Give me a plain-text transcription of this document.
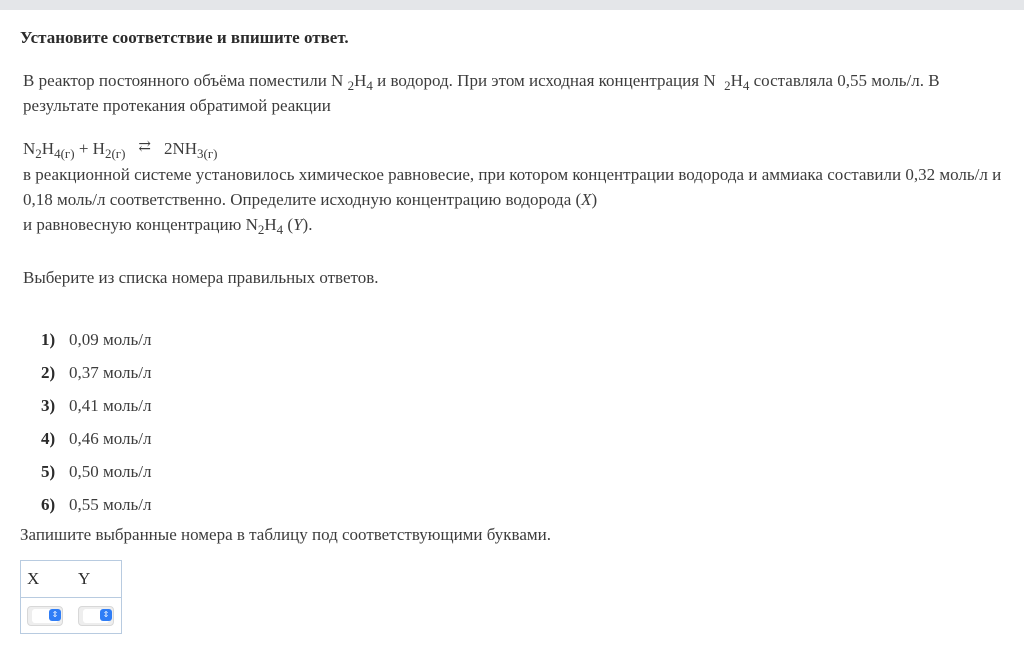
Установите соответствие и впишите ответ.
В реактор постоянного объёма поместили N $_2H_4$ и водород. При этом исходная концентрация N $_2H_4$ составляла 0,55 моль/л. В результате протекания обратимой реакции
$N_2H_{4(г)} + H_{2(г)}$ ⇄ $2NH_{3(г)}$
в реакционной системе установилось химическое равновесие, при котором концентрации водорода и аммиака составили 0,32 моль/л и 0,18 моль/л соответственно. Определите исходную концентрацию водорода (X)
и равновесную концентрацию $N_2H_4$ (Y).
Выберите из списка номера правильных ответов.
1) 0,09 моль/л
2) 0,37 моль/л
3) 0,41 моль/л
4) 0,46 моль/л
5) 0,50 моль/л
6) 0,55 моль/л
Запишите выбранные номера в таблицу под соответствующими буквами.
X Y
⇕	⇕
